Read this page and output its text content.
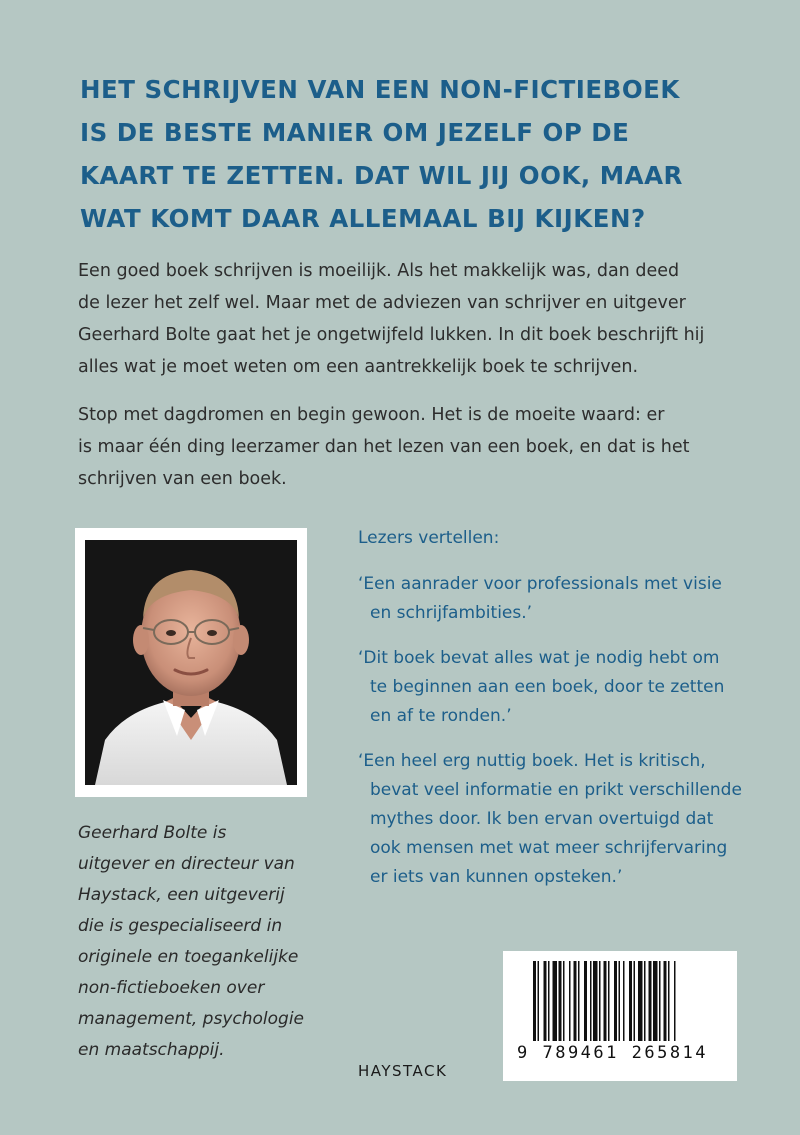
HET SCHRIJVEN VAN EEN NON-FICTIEBOEK
IS DE BESTE MANIER OM JEZELF OP DE
KAART TE ZETTEN. DAT WIL JIJ OOK, MAAR
WAT KOMT DAAR ALLEMAAL BIJ KIJKEN?

Een goed boek schrijven is moeilijk. Als het makkelijk was, dan deed
de lezer het zelf wel. Maar met de adviezen van schrijver en uitgever
Geerhard Bolte gaat het je ongetwijfeld lukken. In dit boek beschrijft hij
alles wat je moet weten om een aantrekkelijk boek te schrijven.

Stop met dagdromen en begin gewoon. Het is de moeite waard: er
is maar één ding leerzamer dan het lezen van een boek, en dat is het
schrijven van een boek.

Geerhard Bolte is
uitgever en directeur van
Haystack, een uitgeverij
die is gespecialiseerd in
originele en toegankelijke
non-fictieboeken over
management, psychologie
en maatschappij.
Lezers vertellen:
‘Een aanrader voor professionals met visie
en schrijfambities.’
‘Dit boek bevat alles wat je nodig hebt om
te beginnen aan een boek, door te zetten
en af te ronden.’
‘Een heel erg nuttig boek. Het is kritisch,
bevat veel informatie en prikt verschillende
mythes door. Ik ben ervan overtuigd dat
ook mensen met wat meer schrijfervaring
er iets van kunnen opsteken.’
HAYSTACK
9 789461 265814
